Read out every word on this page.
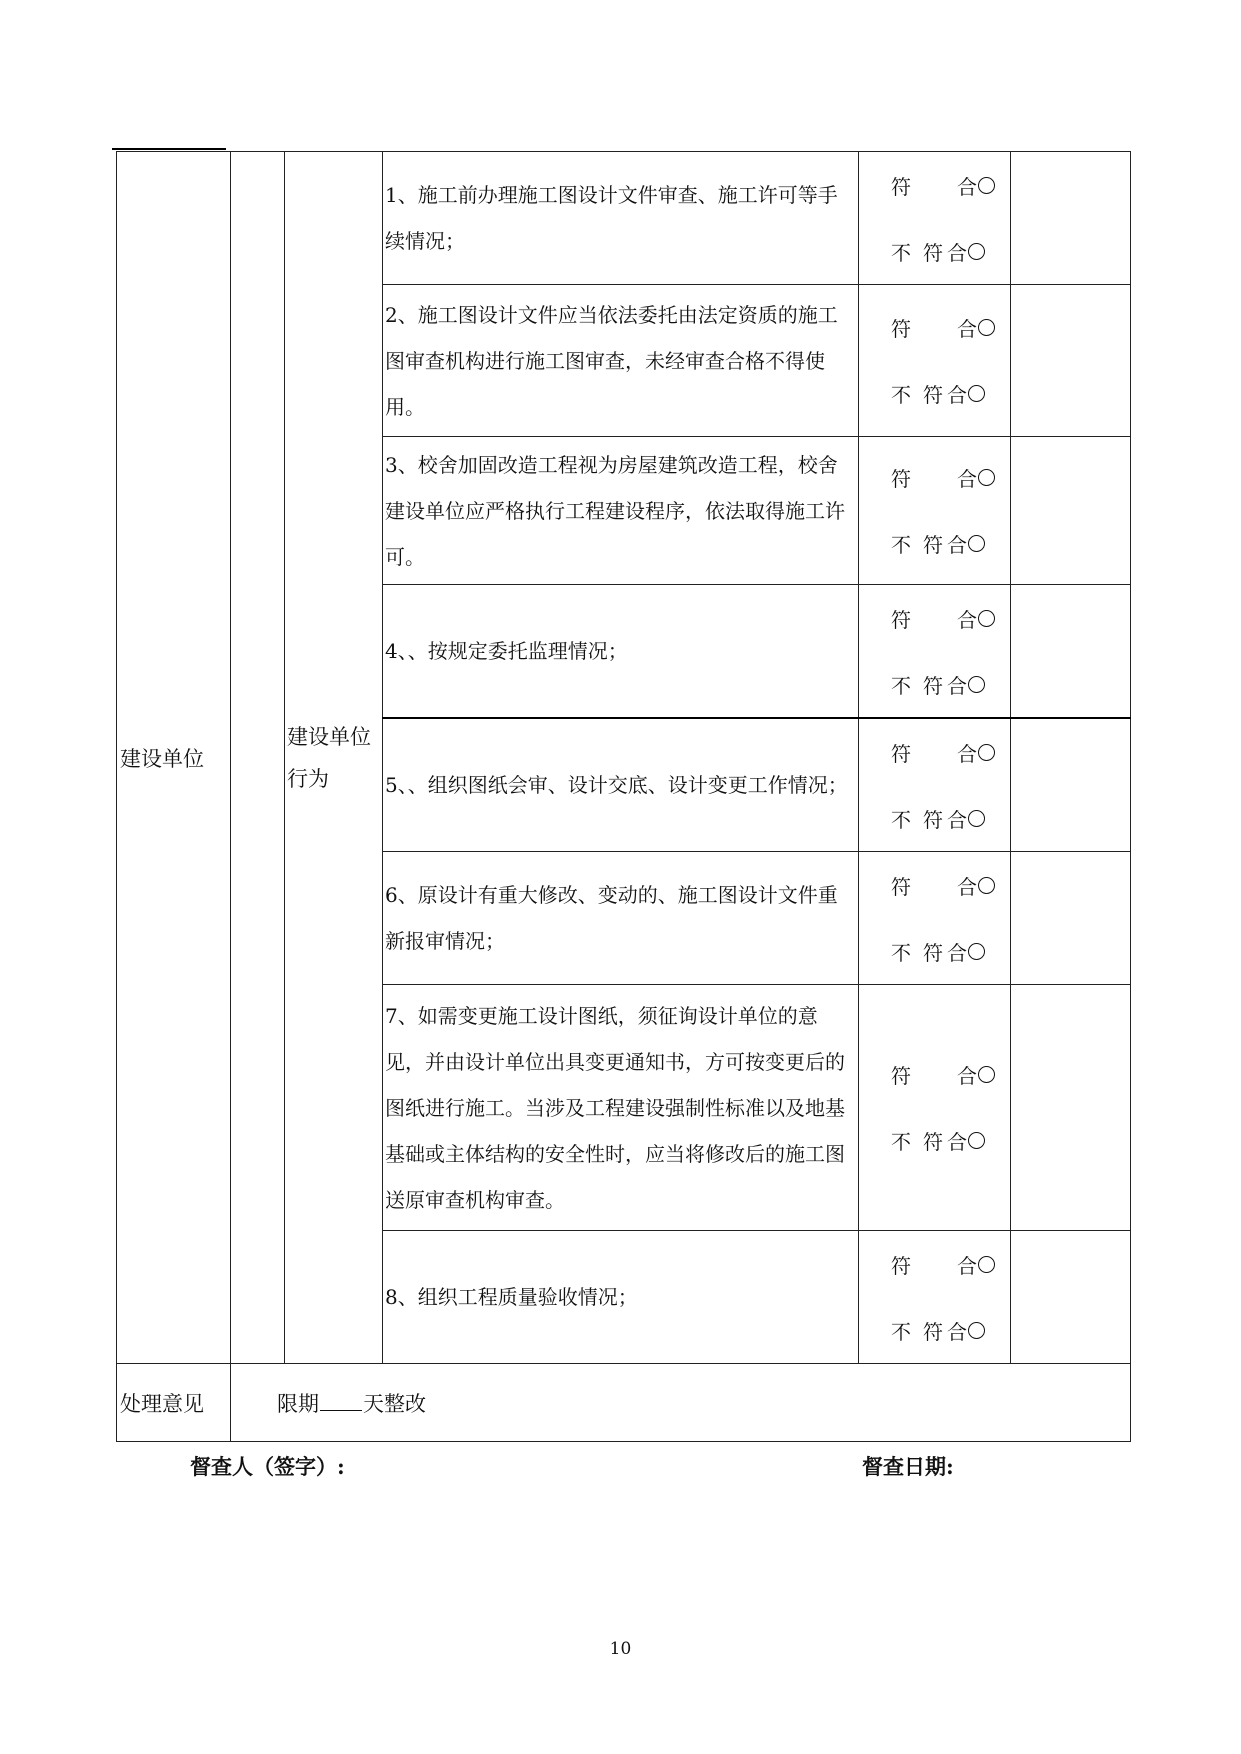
建设单位		建设单位行为	1、施工前办理施工图设计文件审查、施工许可等手续情况；	符 合
不 符 合	

			2、施工图设计文件应当依法委托由法定资质的施工图审查机构进行施工图审查，未经审查合格不得使用。	符 合
不 符 合	

			3、校舍加固改造工程视为房屋建筑改造工程，校舍建设单位应严格执行工程建设程序，依法取得施工许可。	符 合
不 符 合	

			4、、按规定委托监理情况；	符 合
不 符 合	

			5、、组织图纸会审、设计交底、设计变更工作情况；	符 合
不 符 合	

			6、原设计有重大修改、变动的、施工图设计文件重新报审情况；	符 合
不 符 合	

			7、如需变更施工设计图纸，须征询设计单位的意见，并由设计单位出具变更通知书，方可按变更后的图纸进行施工。当涉及工程建设强制性标准以及地基基础或主体结构的安全性时，应当将修改后的施工图送原审查机构审查。	符 合
不 符 合	

			8、组织工程质量验收情况；	符 合
不 符 合	

处理意见	限期 天整改				
督查人（签字）:	督查日期:
10
